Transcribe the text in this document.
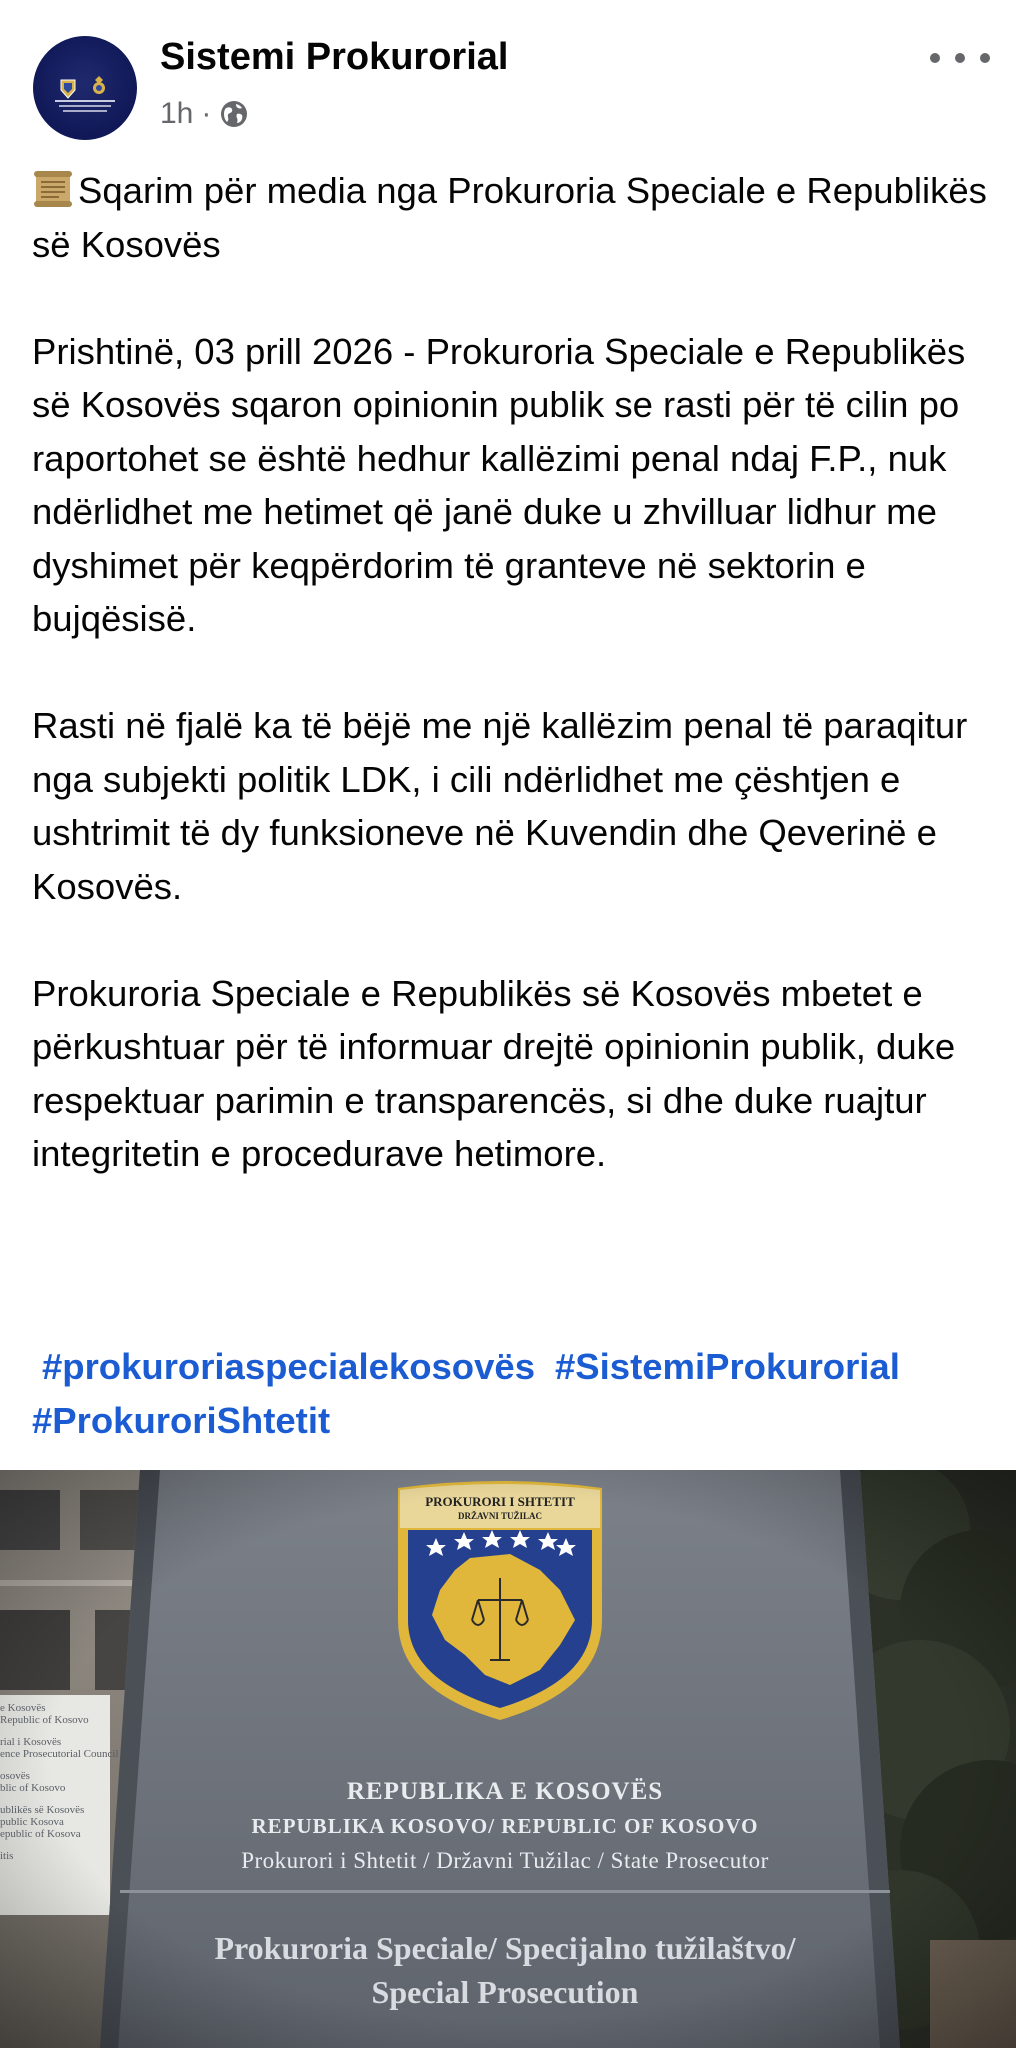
Sistemi Prokurorial
1h ·

Sqarim për media nga Prokuroria Speciale e Republikës së Kosovës

Prishtinë, 03 prill 2026 - Prokuroria Speciale e Republikës së Kosovës sqaron opinionin publik se rasti për të cilin po raportohet se është hedhur kallëzimi penal ndaj F.P., nuk ndërlidhet me hetimet që janë duke u zhvilluar lidhur me dyshimet për keqpërdorim të granteve në sektorin e bujqësisë.

Rasti në fjalë ka të bëjë me një kallëzim penal të paraqitur nga subjekti politik LDK, i cili ndërlidhet me çështjen e ushtrimit të dy funksioneve në Kuvendin dhe Qeverinë e Kosovës.

Prokuroria Speciale e Republikës së Kosovës mbetet e përkushtuar për të informuar drejtë opinionin publik, duke respektuar parimin e transparencës, si dhe duke ruajtur integritetin e procedurave hetimore.

#prokuroriaspecialekosovës #SistemiProkurorial
#ProkuroriShtetit
PROKURORI I SHTETIT
DRŽAVNI TUŽILAC
e Kosovës
Republic of Kosovo
rial i Kosovës
ence Prosecutorial Council
osovës
blic of Kosovo
ublikës së Kosovës
public Kosova
epublic of Kosova
itis
REPUBLIKA E KOSOVËS
REPUBLIKA KOSOVO/ REPUBLIC OF KOSOVO
Prokurori i Shtetit / Državni Tužilac / State Prosecutor
Prokuroria Speciale/ Specijalno tužilaštvo/
Special Prosecution
